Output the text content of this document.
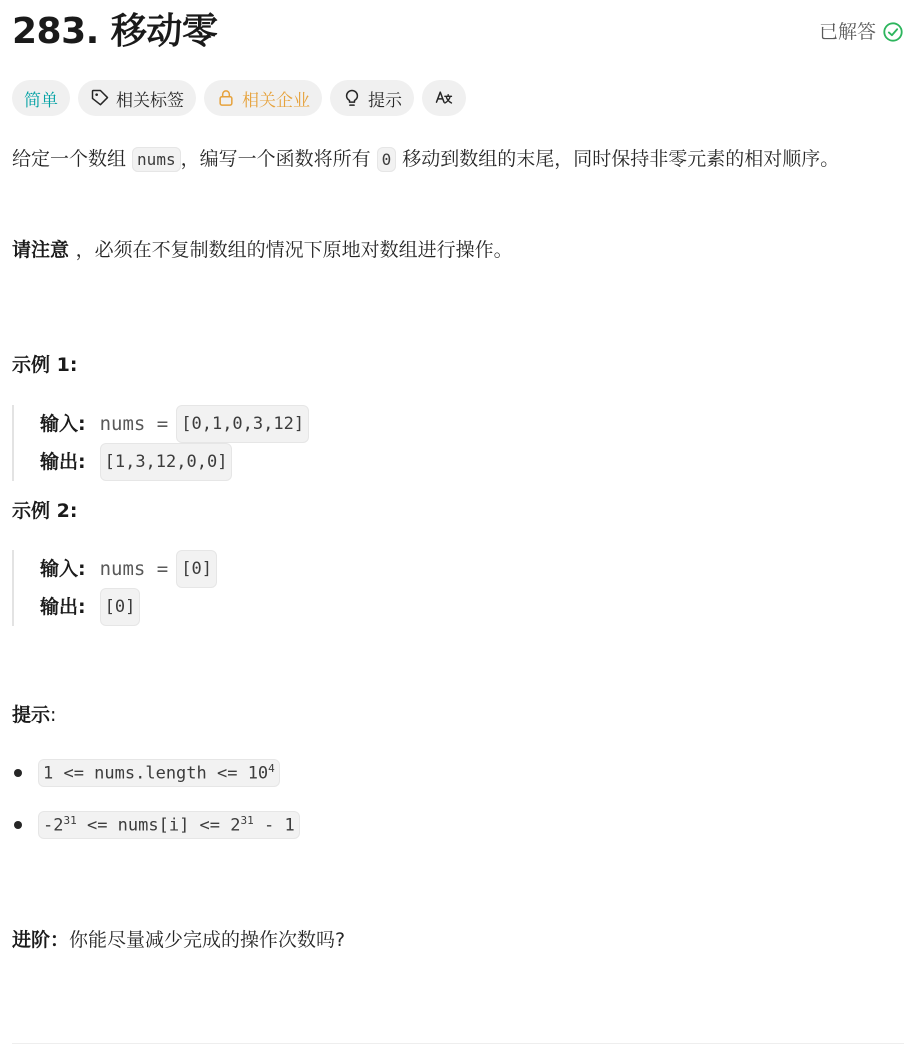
283. 移动零	已解答
简单	相关标签	相关企业	提示
给定一个数组 nums ，编写一个函数将所有 0 移动到数组的末尾，同时保持非零元素的相对顺序。
请注意 ，必须在不复制数组的情况下原地对数组进行操作。
示例 1:
输入: nums = [0,1,0,3,12]
输出: [1,3,12,0,0]
示例 2:
输入: nums = [0]
输出: [0]
提示:
1 <= nums.length <= $10^4$
$-2^{31}$ <= nums[i] <= $2^{31} - 1$
进阶：你能尽量减少完成的操作次数吗?
